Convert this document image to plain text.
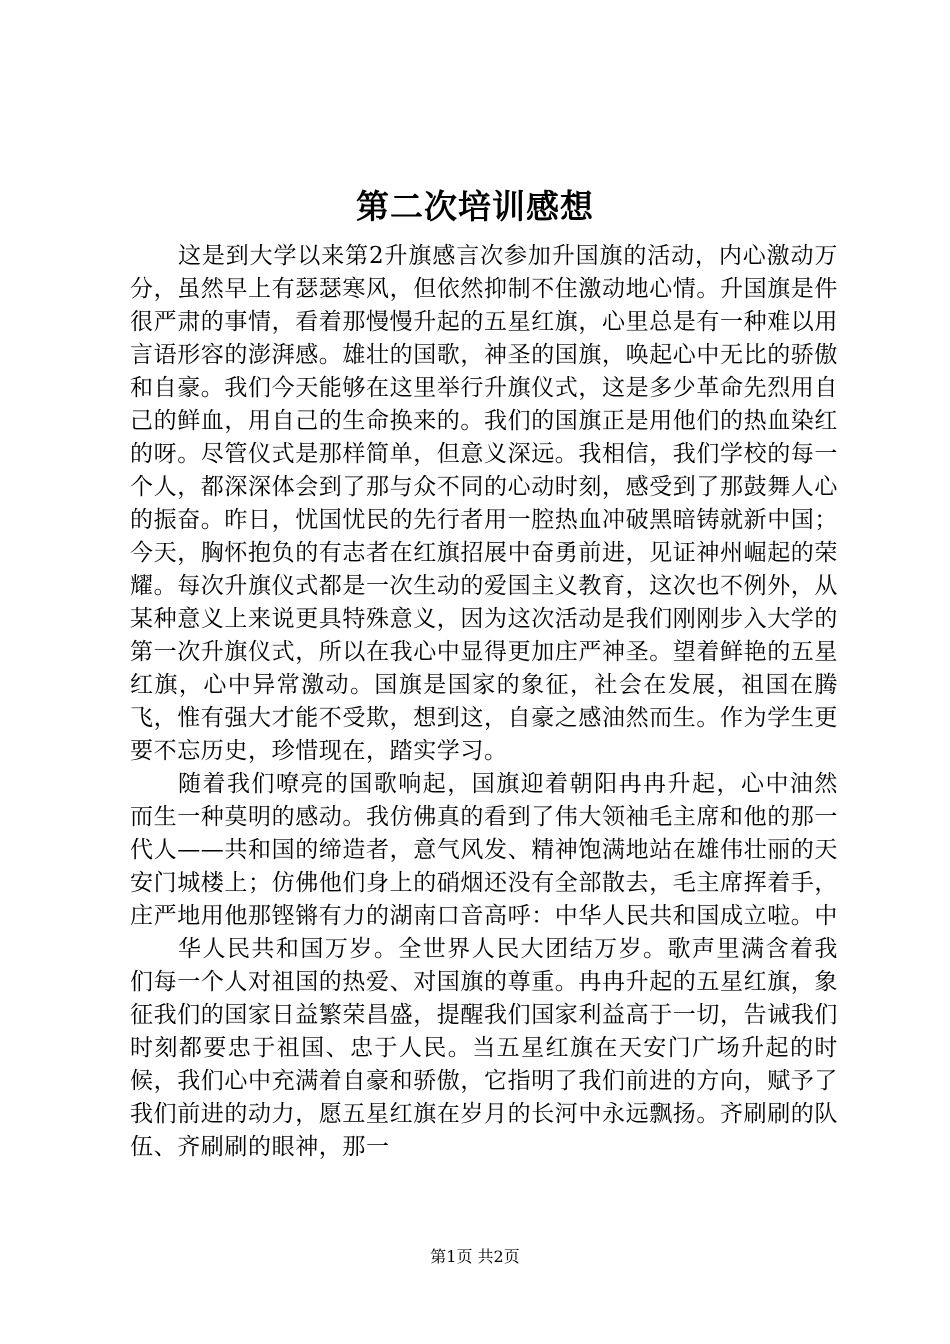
第二次培训感想

这是到大学以来第2升旗感言次参加升国旗的活动，内心激动万分，虽然早上有瑟瑟寒风，但依然抑制不住激动地心情。升国旗是件很严肃的事情，看着那慢慢升起的五星红旗，心里总是有一种难以用言语形容的澎湃感。雄壮的国歌，神圣的国旗，唤起心中无比的骄傲和自豪。我们今天能够在这里举行升旗仪式，这是多少革命先烈用自己的鲜血，用自己的生命换来的。我们的国旗正是用他们的热血染红的呀。尽管仪式是那样简单，但意义深远。我相信，我们学校的每一个人，都深深体会到了那与众不同的心动时刻，感受到了那鼓舞人心的振奋。昨日，忧国忧民的先行者用一腔热血冲破黑暗铸就新中国；今天，胸怀抱负的有志者在红旗招展中奋勇前进，见证神州崛起的荣耀。每次升旗仪式都是一次生动的爱国主义教育，这次也不例外，从某种意义上来说更具特殊意义，因为这次活动是我们刚刚步入大学的第一次升旗仪式，所以在我心中显得更加庄严神圣。望着鲜艳的五星红旗，心中异常激动。国旗是国家的象征，社会在发展，祖国在腾飞，惟有强大才能不受欺，想到这，自豪之感油然而生。作为学生更要不忘历史，珍惜现在，踏实学习。

随着我们嘹亮的国歌响起，国旗迎着朝阳冉冉升起，心中油然而生一种莫明的感动。我仿佛真的看到了伟大领袖毛主席和他的那一代人——共和国的缔造者，意气风发、精神饱满地站在雄伟壮丽的天安门城楼上；仿佛他们身上的硝烟还没有全部散去，毛主席挥着手，庄严地用他那铿锵有力的湖南口音高呼：中华人民共和国成立啦。中

华人民共和国万岁。全世界人民大团结万岁。歌声里满含着我们每一个人对祖国的热爱、对国旗的尊重。冉冉升起的五星红旗，象征我们的国家日益繁荣昌盛，提醒我们国家利益高于一切，告诫我们时刻都要忠于祖国、忠于人民。当五星红旗在天安门广场升起的时候，我们心中充满着自豪和骄傲，它指明了我们前进的方向，赋予了我们前进的动力，愿五星红旗在岁月的长河中永远飘扬。齐刷刷的队伍、齐刷刷的眼神，那一

第1页 共2页
